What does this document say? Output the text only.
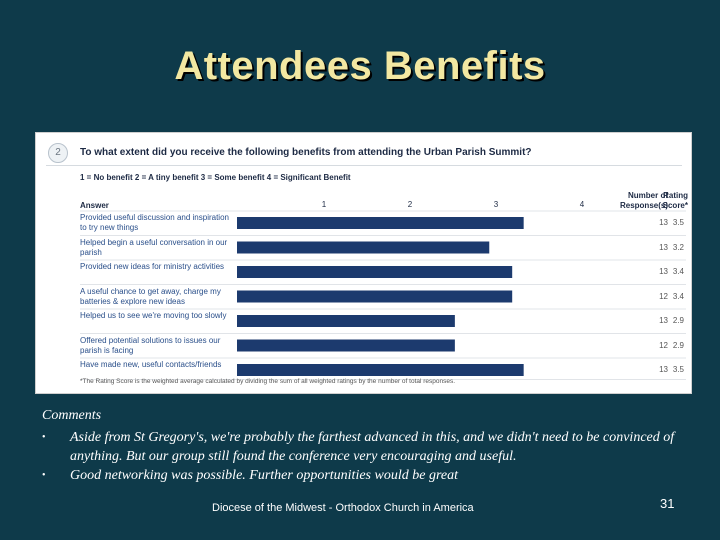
Attendees Benefits
2	To what extent did you receive the following benefits from attending the Urban Parish Summit?
1 = No benefit 2 = A tiny benefit 3 = Some benefit 4 = Significant Benefit
Answer
Number of
Response(s)
Rating
Score*
1	2	3	4
Provided useful discussion and inspiration to try new things
13 3.5
Helped begin a useful conversation in our parish
13 3.2
Provided new ideas for ministry activities
13 3.4
A useful chance to get away, charge my batteries & explore new ideas
12 3.4
Helped us to see we're moving too slowly
13 2.9
Offered potential solutions to issues our parish is facing
12 2.9
Have made new, useful contacts/friends
13 3.5
*The Rating Score is the weighted average calculated by dividing the sum of all weighted ratings by the number of total responses.
Comments
• Aside from St Gregory's, we're probably the farthest advanced in this, and we didn't need to be convinced of anything. But our group still found the conference very encouraging and useful.
• Good networking was possible. Further opportunities would be great
Diocese of the Midwest - Orthodox Church in America	31
